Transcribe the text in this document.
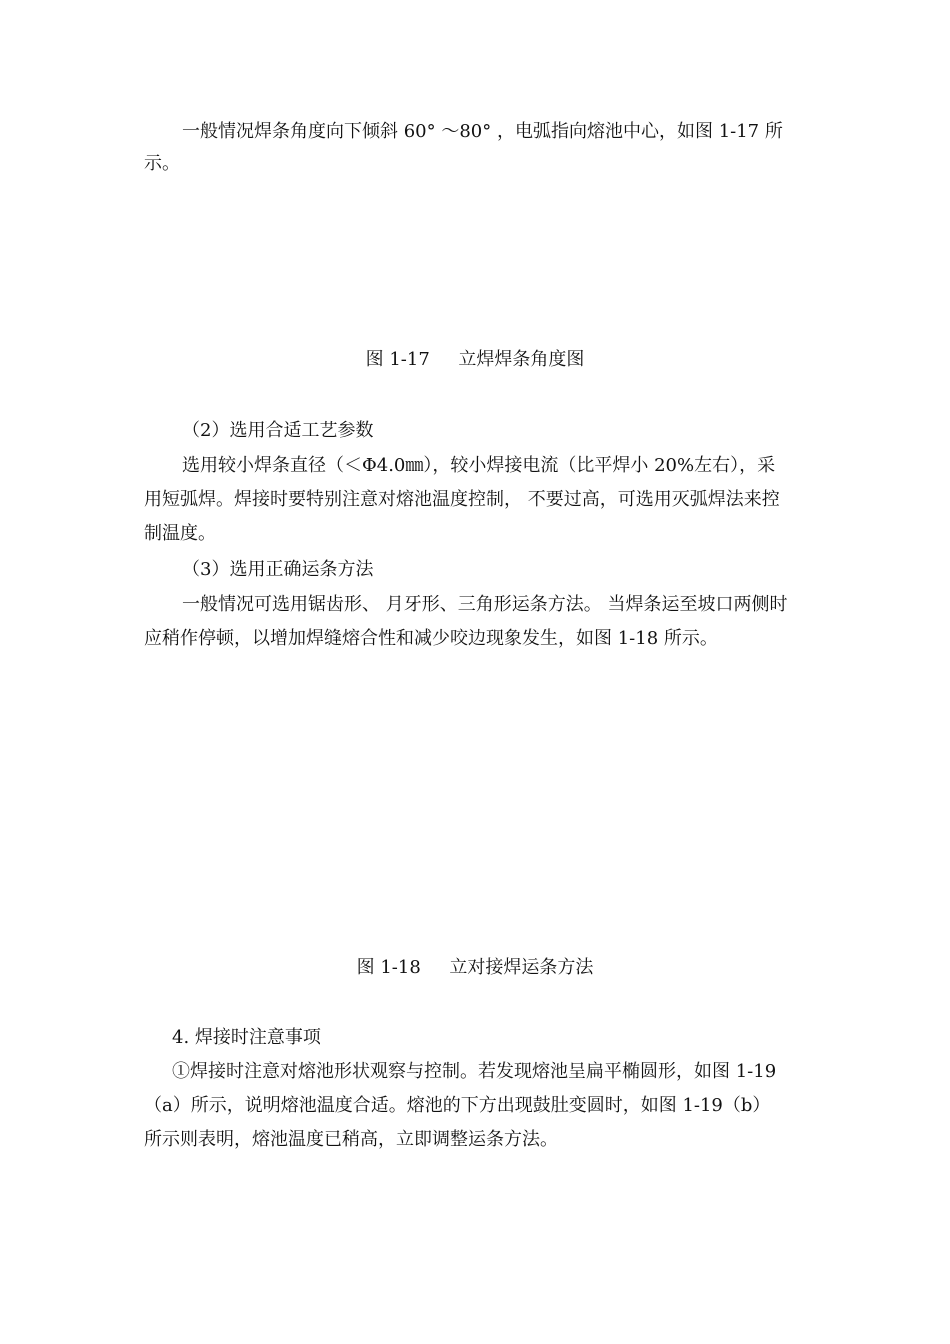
一般情况焊条角度向下倾斜 60° ～80° ，电弧指向熔池中心，如图 1-17 所
示。
图 1-17     立焊焊条角度图
（2）选用合适工艺参数
选用较小焊条直径（＜Φ4.0㎜），较小焊接电流（比平焊小 20%左右），采
用短弧焊。焊接时要特别注意对熔池温度控制， 不要过高，可选用灭弧焊法来控
制温度。
（3）选用正确运条方法
一般情况可选用锯齿形、 月牙形、三角形运条方法。 当焊条运至坡口两侧时
应稍作停顿，以增加焊缝熔合性和减少咬边现象发生，如图 1-18 所示。
图 1-18     立对接焊运条方法
4. 焊接时注意事项
①焊接时注意对熔池形状观察与控制。若发现熔池呈扁平椭圆形，如图 1-19
（a）所示，说明熔池温度合适。熔池的下方出现鼓肚变圆时，如图 1-19（b）
所示则表明，熔池温度已稍高，立即调整运条方法。
